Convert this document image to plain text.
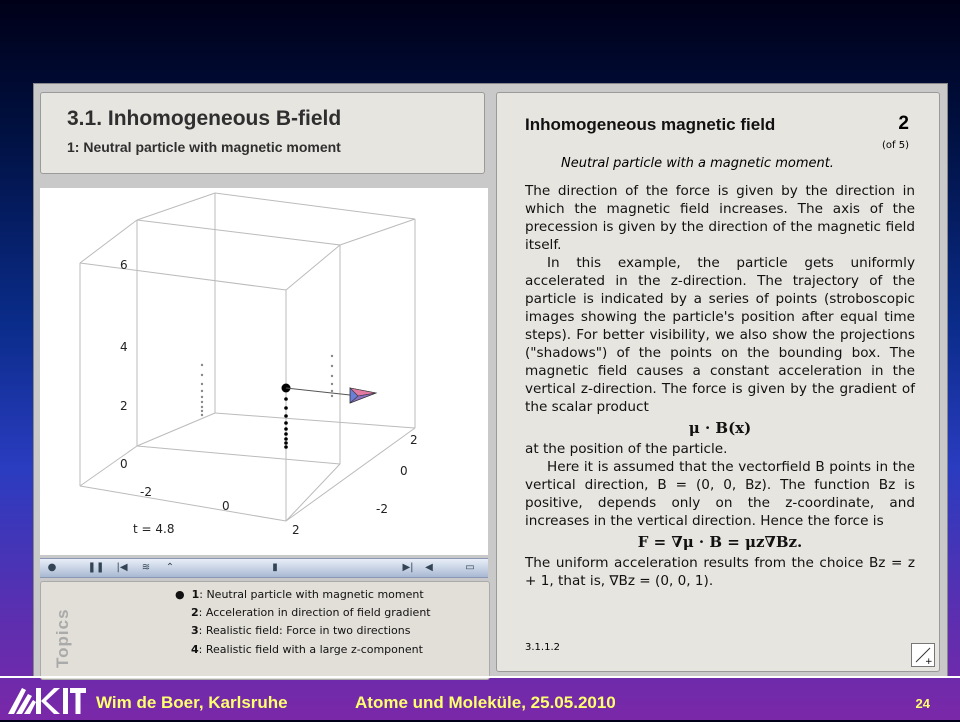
3.1. Inhomogeneous B-field
1: Neutral particle with magnetic moment
6
4
2
0
-2
0
2
2
0
-2
t = 4.8
●	❚❚	|◀	≋	⌃	▮	▶|	◀	▭
Topics
●  1: Neutral particle with magnetic moment
2: Acceleration in direction of field gradient
3: Realistic field: Force in two directions
4: Realistic field with a large z-component
Inhomogeneous magnetic field	2
(of 5)
Neutral particle with a magnetic moment.

The direction of the force is given by the direction in which the magnetic field increases. The axis of the precession is given by the direction of the magnetic field itself.

In this example, the particle gets uniformly accelerated in the z-direction. The trajectory of the particle is indicated by a series of points (stroboscopic images showing the particle's position after equal time steps). For better visibility, we also show the projections ("shadows") of the points on the bounding box. The magnetic field causes a constant acceleration in the vertical z-direction. The force is given by the gradient of the scalar product

μ · B(x)

at the position of the particle.

Here it is assumed that the vectorfield B points in the vertical direction, B = (0, 0, Bz). The function Bz is positive, depends only on the z-coordinate, and increases in the vertical direction. Hence the force is

F = ∇μ · B = μz∇Bz.

The uniform acceleration results from the choice Bz = z + 1, that is, ∇Bz = (0, 0, 1).

3.1.1.2
+
Wim de Boer, Karlsruhe	Atome und Moleküle, 25.05.2010	24
